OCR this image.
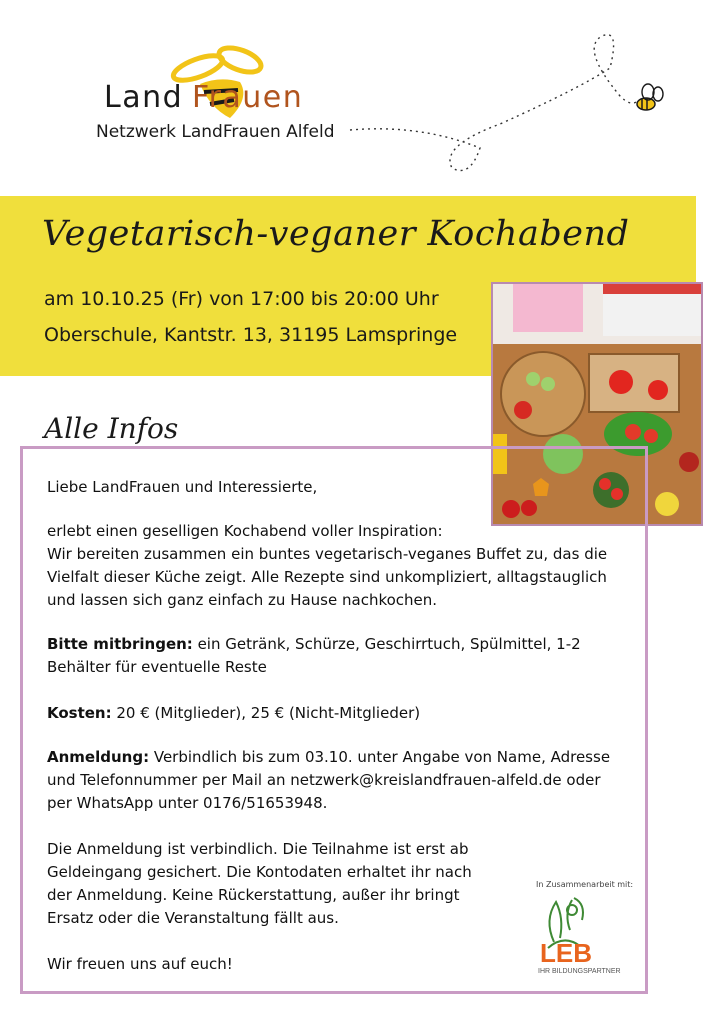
Land Frauen
Netzwerk LandFrauen Alfeld
Vegetarisch-veganer Kochabend
am 10.10.25 (Fr) von 17:00 bis 20:00 Uhr
Oberschule, Kantstr. 13, 31195 Lamspringe
Alle Infos
Liebe LandFrauen und Interessierte,
erlebt einen geselligen Kochabend voller Inspiration:
Wir bereiten zusammen ein buntes vegetarisch-veganes Buffet zu, das die
Vielfalt dieser Küche zeigt. Alle Rezepte sind unkompliziert, alltagstauglich
und lassen sich ganz einfach zu Hause nachkochen.
Bitte mitbringen: ein Getränk, Schürze, Geschirrtuch, Spülmittel, 1-2
Behälter für eventuelle Reste
Kosten: 20 € (Mitglieder), 25 € (Nicht-Mitglieder)
Anmeldung: Verbindlich bis zum 03.10. unter Angabe von Name, Adresse
und Telefonnummer per Mail an netzwerk@kreislandfrauen-alfeld.de oder
per WhatsApp unter 0176/51653948.
Die Anmeldung ist verbindlich. Die Teilnahme ist erst ab
Geldeingang gesichert. Die Kontodaten erhaltet ihr nach
der Anmeldung. Keine Rückerstattung, außer ihr bringt
Ersatz oder die Veranstaltung fällt aus.
Wir freuen uns auf euch!
In Zusammenarbeit mit:
LEB
IHR BILDUNGSPARTNER
